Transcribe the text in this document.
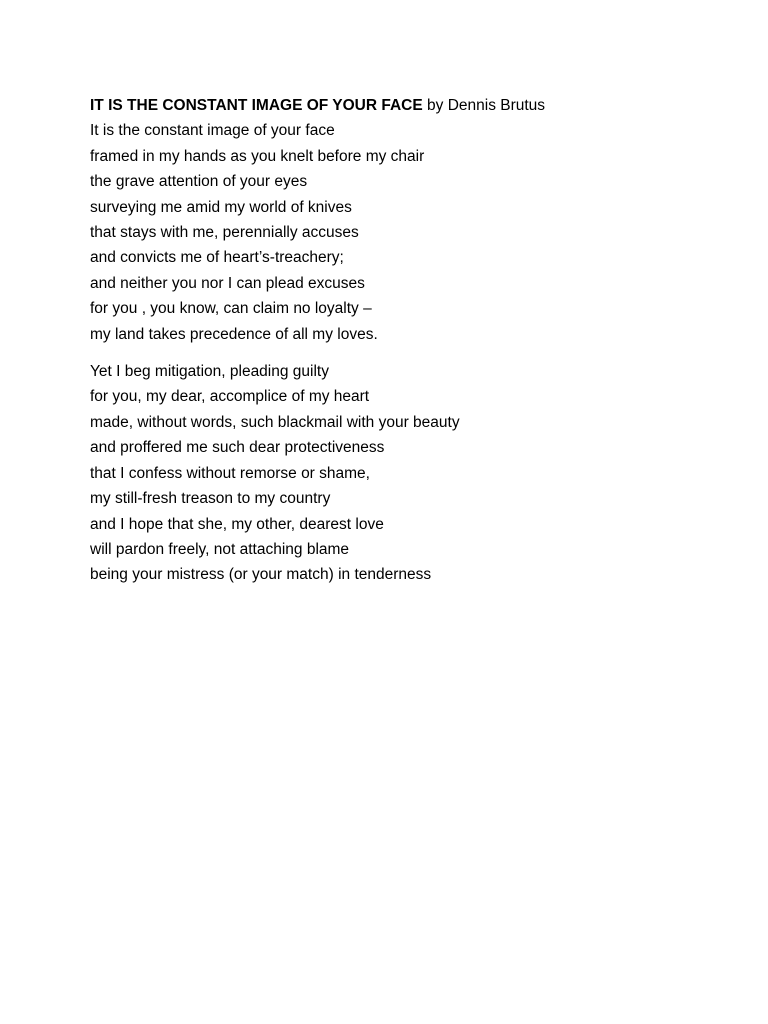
IT IS THE CONSTANT IMAGE OF YOUR FACE by Dennis Brutus
It is the constant image of your face
framed in my hands as you knelt before my chair
the grave attention of your eyes
surveying me amid my world of knives
that stays with me, perennially accuses
and convicts me of heart’s-treachery;
and neither you nor I can plead excuses
for you , you know, can claim no loyalty –
my land takes precedence of all my loves.
Yet I beg mitigation, pleading guilty
for you, my dear, accomplice of my heart
made, without words, such blackmail with your beauty
and proffered me such dear protectiveness
that I confess without remorse or shame,
my still-fresh treason to my country
and I hope that she, my other, dearest love
will pardon freely, not attaching blame
being your mistress (or your match) in tenderness
